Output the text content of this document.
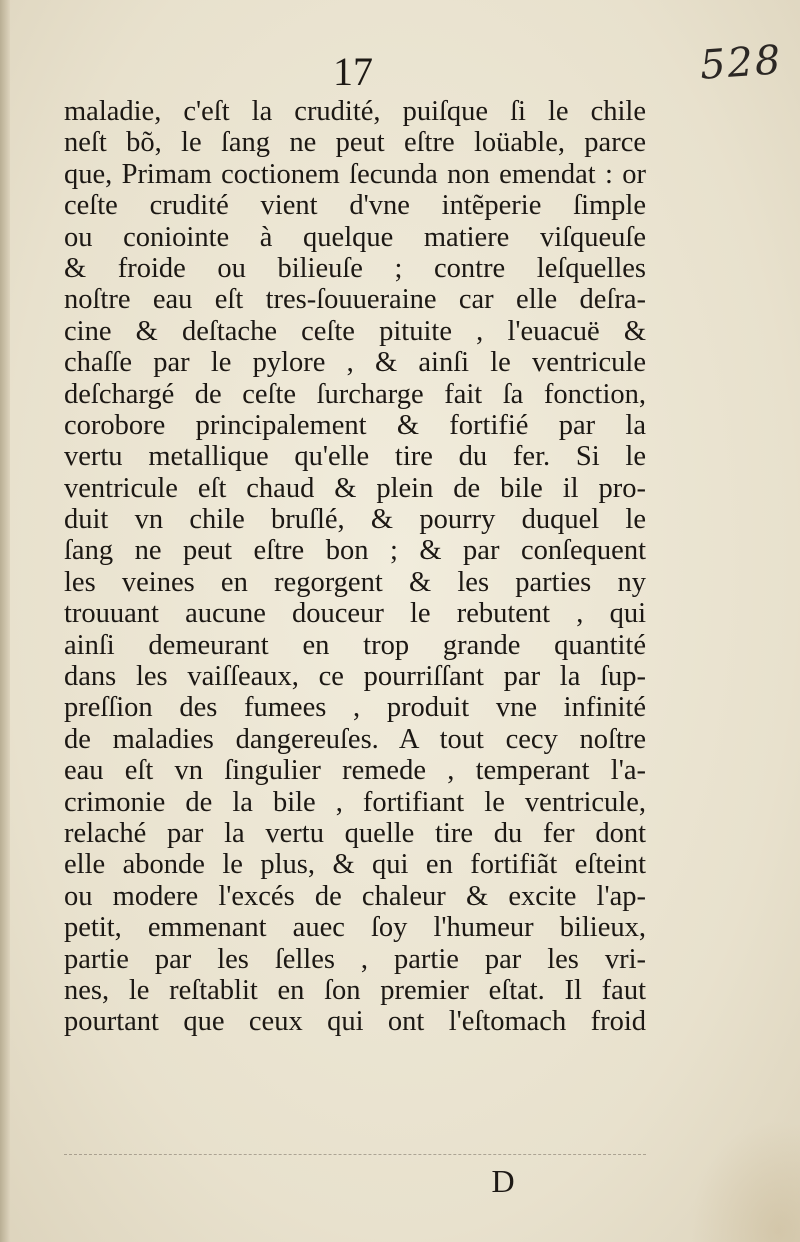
17	528

maladie, c'eſt la crudité, puiſque ſi le chile
neſt bõ, le ſang ne peut eſtre loüable, parce
que, Primam coctionem ſecunda non emendat : or
ceſte crudité vient d'vne intẽperie ſimple
ou coniointe à quelque matiere viſqueuſe
& froide ou bilieuſe ; contre leſquelles
noſtre eau eſt tres-ſouueraine car elle deſra-
cine & deſtache ceſte pituite , l'euacuë &
chaſſe par le pylore , & ainſi le ventricule
deſchargé de ceſte ſurcharge fait ſa fonction,
corobore principalement & fortifié par la
vertu metallique qu'elle tire du fer. Si le
ventricule eſt chaud & plein de bile il pro-
duit vn chile bruſlé, & pourry duquel le
ſang ne peut eſtre bon ; & par conſequent
les veines en regorgent & les parties ny
trouuant aucune douceur le rebutent , qui
ainſi demeurant en trop grande quantité
dans les vaiſſeaux, ce pourriſſant par la ſup-
preſſion des fumees , produit vne infinité
de maladies dangereuſes. A tout cecy noſtre
eau eſt vn ſingulier remede , temperant l'a-
crimonie de la bile , fortifiant le ventricule,
relaché par la vertu quelle tire du fer dont
elle abonde le plus, & qui en fortifiãt eſteint
ou modere l'excés de chaleur & excite l'ap-
petit, emmenant auec ſoy l'humeur bilieux,
partie par les ſelles , partie par les vri-
nes, le reſtablit en ſon premier eſtat. Il faut
pourtant que ceux qui ont l'eſtomach froid

D
